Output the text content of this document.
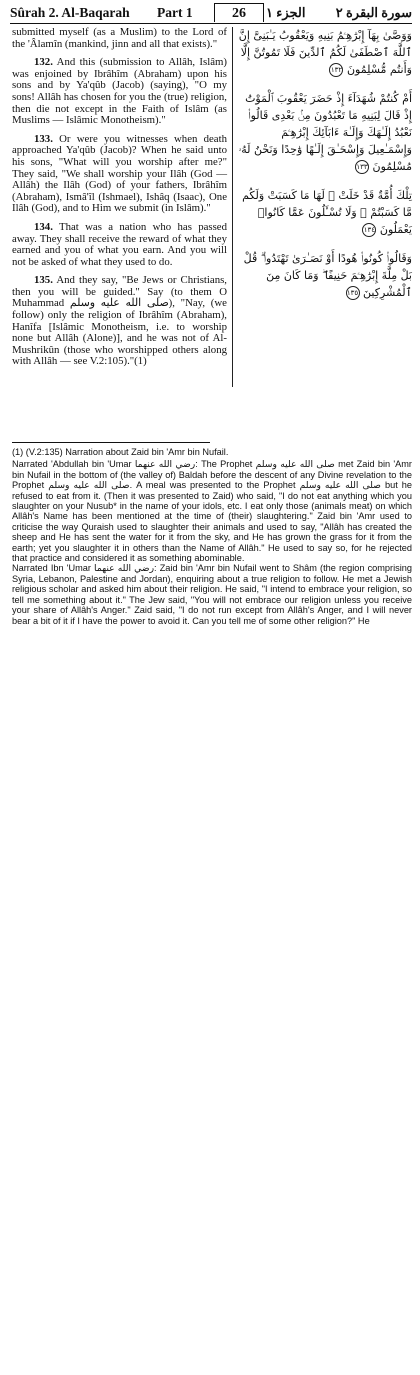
Sûrah 2. Al-Baqarah Part 1	26	الجزء ١ سورة البقرة ٢

submitted myself (as a Muslim) to the Lord of the 'Âlamîn (mankind, jinn and all that exists)."

132. And this (submission to Allâh, Islâm) was enjoined by Ibrâhîm (Abraham) upon his sons and by Ya'qûb (Jacob) (saying), "O my sons! Allâh has chosen for you the (true) religion, then die not except in the Faith of Islâm (as Muslims — Islâmic Monotheism)."

133. Or were you witnesses when death approached Ya'qûb (Jacob)? When he said unto his sons, "What will you worship after me?" They said, "We shall worship your Ilâh (God — Allâh) the Ilâh (God) of your fathers, Ibrâhîm (Abraham), Ismâ'îl (Ishmael), Ishâq (Isaac), One Ilâh (God), and to Him we submit (in Islâm)."

134. That was a nation who has passed away. They shall receive the reward of what they earned and you of what you earn. And you will not be asked of what they used to do.

135. And they say, "Be Jews or Christians, then you will be guided." Say (to them O Muhammad صلى الله عليه وسلم), "Nay, (we follow) only the religion of Ibrâhîm (Abraham), Hanîfa [Islâmic Monotheism, i.e. to worship none but Allâh (Alone)], and he was not of Al-Mushrikûn (those who worshipped others along with Allâh — see V.2:105)."(1)

وَوَصَّىٰ بِهَآ إِبْرَٰهِـۧمُ بَنِيهِ وَيَعْقُوبُ يَـٰبَنِىَّ إِنَّ ٱللَّهَ ٱصْطَفَىٰ لَكُمُ ٱلدِّينَ فَلَا تَمُوتُنَّ إِلَّا وَأَنتُم مُّسْلِمُونَ ١٣٢

أَمْ كُنتُمْ شُهَدَآءَ إِذْ حَضَرَ يَعْقُوبَ ٱلْمَوْتُ إِذْ قَالَ لِبَنِيهِ مَا تَعْبُدُونَ مِنۢ بَعْدِى قَالُوا۟ نَعْبُدُ إِلَـٰهَكَ وَإِلَـٰهَ ءَابَآئِكَ إِبْرَٰهِـۧمَ وَإِسْمَـٰعِيلَ وَإِسْحَـٰقَ إِلَـٰهًا وَٰحِدًا وَنَحْنُ لَهُۥ مُسْلِمُونَ ١٣٣

تِلْكَ أُمَّةٌ قَدْ خَلَتْ ۖ لَهَا مَا كَسَبَتْ وَلَكُم مَّا كَسَبْتُمْ ۖ وَلَا تُسْـَٔلُونَ عَمَّا كَانُوا۟ يَعْمَلُونَ ١٣٤

وَقَالُوا۟ كُونُوا۟ هُودًا أَوْ نَصَـٰرَىٰ تَهْتَدُوا۟ ۗ قُلْ بَلْ مِلَّةَ إِبْرَٰهِـۧمَ حَنِيفًا ۖ وَمَا كَانَ مِنَ ٱلْمُشْرِكِينَ ١٣٥

(1) (V.2:135) Narration about Zaid bin 'Amr bin Nufail.

Narrated 'Abdullah bin 'Umar رضي الله عنهما: The Prophet صلى الله عليه وسلم met Zaid bin 'Amr bin Nufail in the bottom of (the valley of) Baldah before the descent of any Divine revelation to the Prophet صلى الله عليه وسلم. A meal was presented to the Prophet صلى الله عليه وسلم but he refused to eat from it. (Then it was presented to Zaid) who said, "I do not eat anything which you slaughter on your Nusub* in the name of your idols, etc. I eat only those (animals meat) on which Allâh's Name has been mentioned at the time of (their) slaughtering." Zaid bin 'Amr used to criticise the way Quraish used to slaughter their animals and used to say, "Allâh has created the sheep and He has sent the water for it from the sky, and He has grown the grass for it from the earth; yet you slaughter it in others than the Name of Allâh." He used to say so, for he rejected that practice and considered it as something abominable.

Narrated Ibn 'Umar رضي الله عنهما: Zaid bin 'Amr bin Nufail went to Shâm (the region comprising Syria, Lebanon, Palestine and Jordan), enquiring about a true religion to follow. He met a Jewish religious scholar and asked him about their religion. He said, "I intend to embrace your religion, so tell me something about it." The Jew said, "You will not embrace our religion unless you receive your share of Allâh's Anger." Zaid said, "I do not run except from Allâh's Anger, and I will never bear a bit of it if I have the power to avoid it. Can you tell me of some other religion?" He
